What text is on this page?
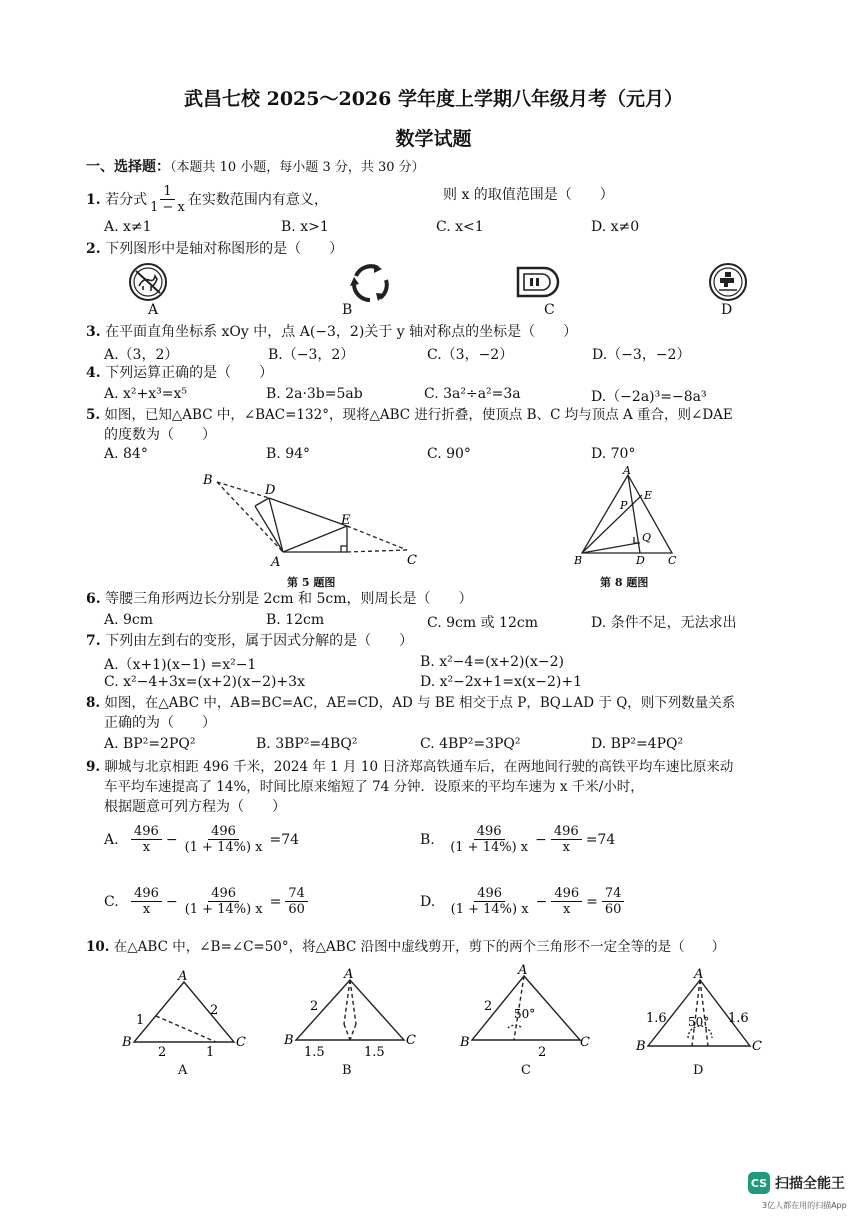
武昌七校 2025～2026 学年度上学期八年级月考（元月）
数学试题
一、选择题：（本题共 10 小题，每小题 3 分，共 30 分）
1.
若分式 $\frac{1}{1 - x}$ 在实数范围内有意义，	则 x 的取值范围是（　　）
A. x≠1	B. x>1	C. x<1	D. x≠0
2. 下列图形中是轴对称图形的是（　　）
A	B	C	D
3. 在平面直角坐标系 xOy 中，点 A(−3，2)关于 y 轴对称点的坐标是（　　）
A.（3，2）	B.（−3，2）	C.（3，−2）	D.（−3，−2）
4. 下列运算正确的是（　　）
A. x²+x³=x⁵	B. 2a·3b=5ab	C. 3a²÷a²=3a	D.（−2a)³=−8a³
5. 如图，已知△ABC 中，∠BAC=132°，现将△ABC 进行折叠，使顶点 B、C 均与顶点 A 重合，则∠DAE
的度数为（　　）
A. 84°	B. 94°	C. 90°	D. 70°
B
D
E
A	C
第 5 题图
A
E
P
Q
B	D C
第 8 题图
6. 等腰三角形两边长分别是 2cm 和 5cm，则周长是（　　）
A. 9cm	B. 12cm	C. 9cm 或 12cm	D. 条件不足，无法求出
7. 下列由左到右的变形，属于因式分解的是（　　）
A.（x+1)(x−1) =x²−1	B. x²−4=(x+2)(x−2)
C. x²−4+3x=(x+2)(x−2)+3x	D. x²−2x+1=x(x−2)+1
8. 如图，在△ABC 中，AB=BC=AC，AE=CD，AD 与 BE 相交于点 P，BQ⊥AD 于 Q，则下列数量关系
正确的为（　　）
A. BP²=2PQ²	B. 3BP²=4BQ²	C. 4BP²=3PQ²	D. BP²=4PQ²
9. 聊城与北京相距 496 千米，2024 年 1 月 10 日济郑高铁通车后，在两地间行驶的高铁平均车速比原来动
车平均车速提高了 14%，时间比原来缩短了 74 分钟．设原来的平均车速为 x 千米/小时，
根据题意可列方程为（　　）
A.
$\frac{496}{x} - \frac{496}{(1 + 14\%) x} =74$	B.
$\frac{496}{(1 + 14\%) x} - \frac{496}{x} =74$
C.
$\frac{496}{x} - \frac{496}{(1 + 14\%) x} = \frac{74}{60}$	D.
$\frac{496}{(1 + 14\%) x} - \frac{496}{x} = \frac{74}{60}$
10. 在△ABC 中，∠B=∠C=50°，将△ABC 沿图中虚线剪开，剪下的两个三角形不一定全等的是（　　）
A
B	C
1
2
2	1
A
A
B	C
2
1.5	1.5
B
A
B	C
2 50°
2
C
A
B	C
1.6 50° 1.6
D
CS 扫描全能王
3亿人都在用的扫描App
